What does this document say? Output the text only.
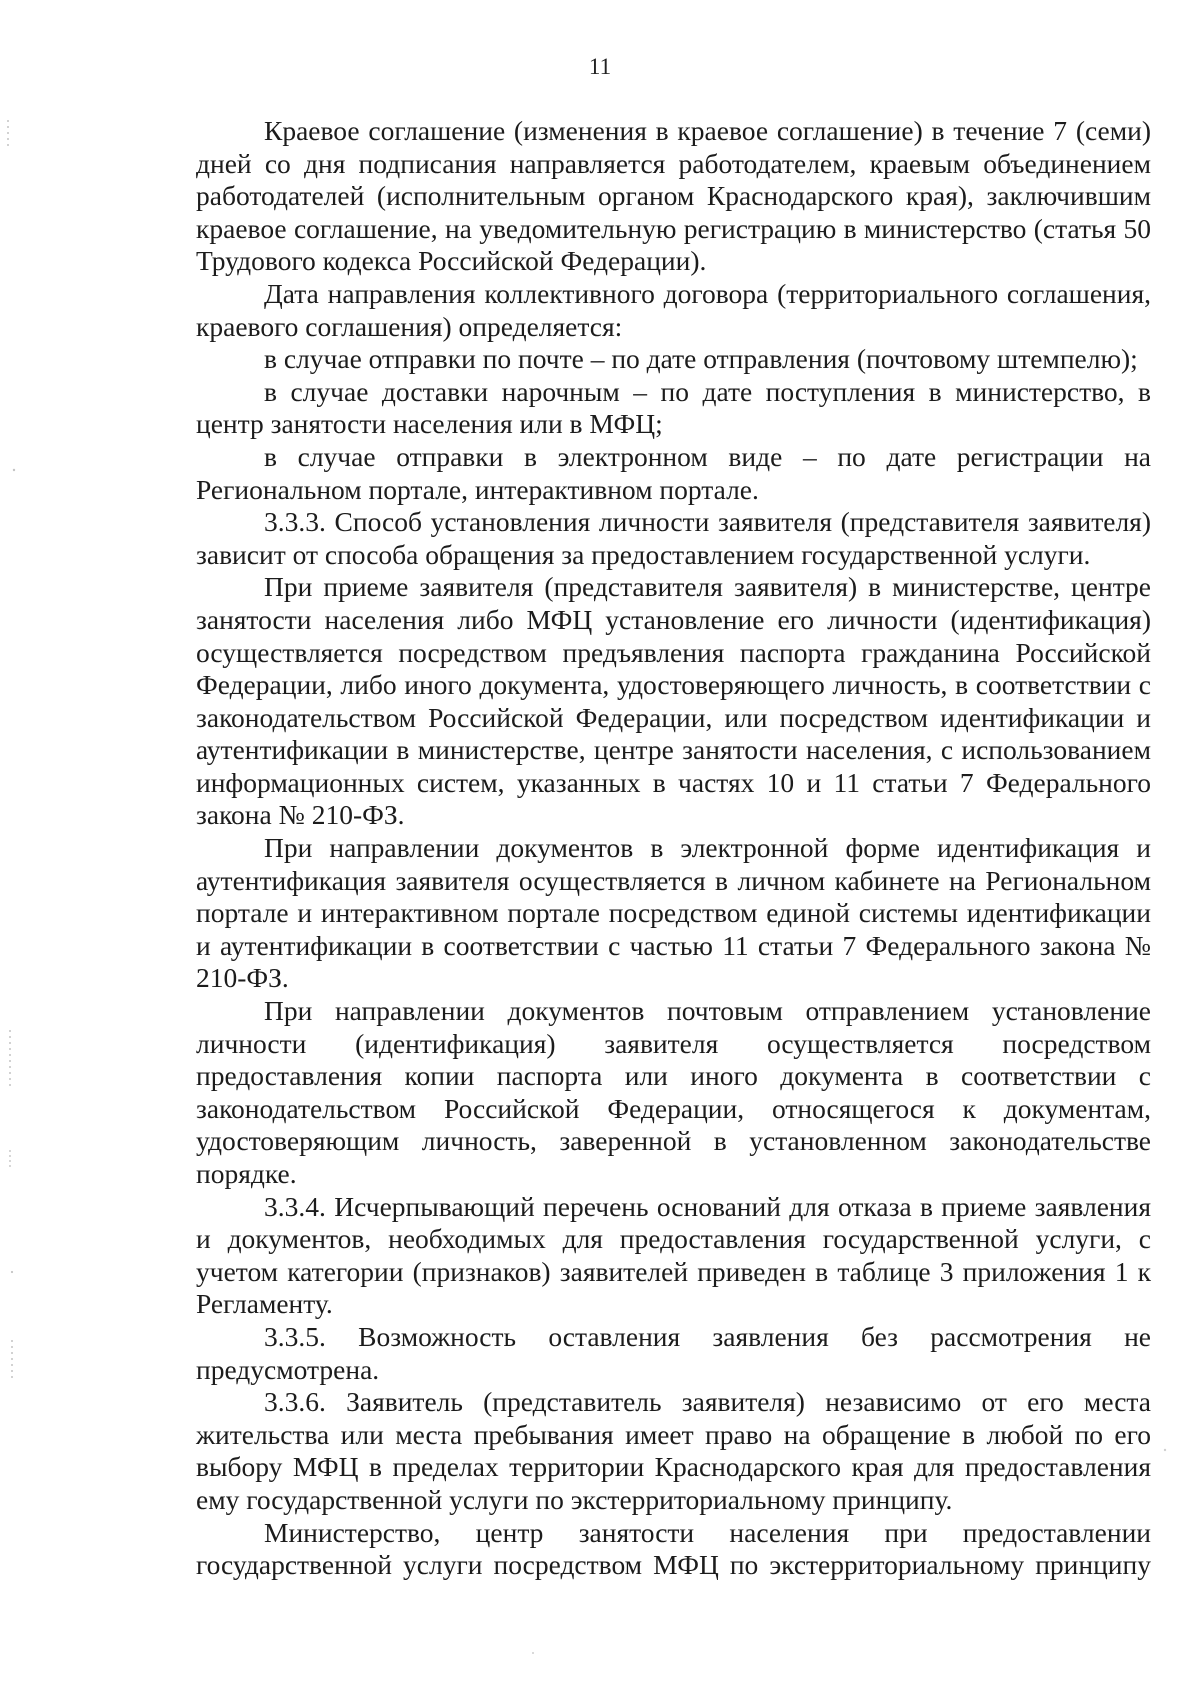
11

Краевое соглашение (изменения в краевое соглашение) в течение 7 (семи) дней со дня подписания направляется работодателем, краевым объединением работодателей (исполнительным органом Краснодарского края), заключившим краевое соглашение, на уведомительную регистрацию в министерство (статья 50 Трудового кодекса Российской Федерации).

Дата направления коллективного договора (территориального соглашения, краевого соглашения) определяется:

в случае отправки по почте – по дате отправления (почтовому штемпелю);

в случае доставки нарочным – по дате поступления в министерство, в центр занятости населения или в МФЦ;

в случае отправки в электронном виде – по дате регистрации на Региональном портале, интерактивном портале.

3.3.3. Способ установления личности заявителя (представителя заявителя) зависит от способа обращения за предоставлением государственной услуги.

При приеме заявителя (представителя заявителя) в министерстве, центре занятости населения либо МФЦ установление его личности (идентификация) осуществляется посредством предъявления паспорта гражданина Российской Федерации, либо иного документа, удостоверяющего личность, в соответствии с законодательством Российской Федерации, или посредством идентификации и аутентификации в министерстве, центре занятости населения, с использованием информационных систем, указанных в частях 10 и 11 статьи 7 Федерального закона № 210-ФЗ.

При направлении документов в электронной форме идентификация и аутентификация заявителя осуществляется в личном кабинете на Региональном портале и интерактивном портале посредством единой системы идентификации и аутентификации в соответствии с частью 11 статьи 7 Федерального закона № 210-ФЗ.

При направлении документов почтовым отправлением установление личности (идентификация) заявителя осуществляется посредством предоставления копии паспорта или иного документа в соответствии с законодательством Российской Федерации, относящегося к документам, удостоверяющим личность, заверенной в установленном законодательстве порядке.

3.3.4. Исчерпывающий перечень оснований для отказа в приеме заявления и документов, необходимых для предоставления государственной услуги, с учетом категории (признаков) заявителей приведен в таблице 3 приложения 1 к Регламенту.

3.3.5. Возможность оставления заявления без рассмотрения не предусмотрена.

3.3.6. Заявитель (представитель заявителя) независимо от его места жительства или места пребывания имеет право на обращение в любой по его выбору МФЦ в пределах территории Краснодарского края для предоставления ему государственной услуги по экстерриториальному принципу.

Министерство, центр занятости населения при предоставлении государственной услуги посредством МФЦ по экстерриториальному принципу
